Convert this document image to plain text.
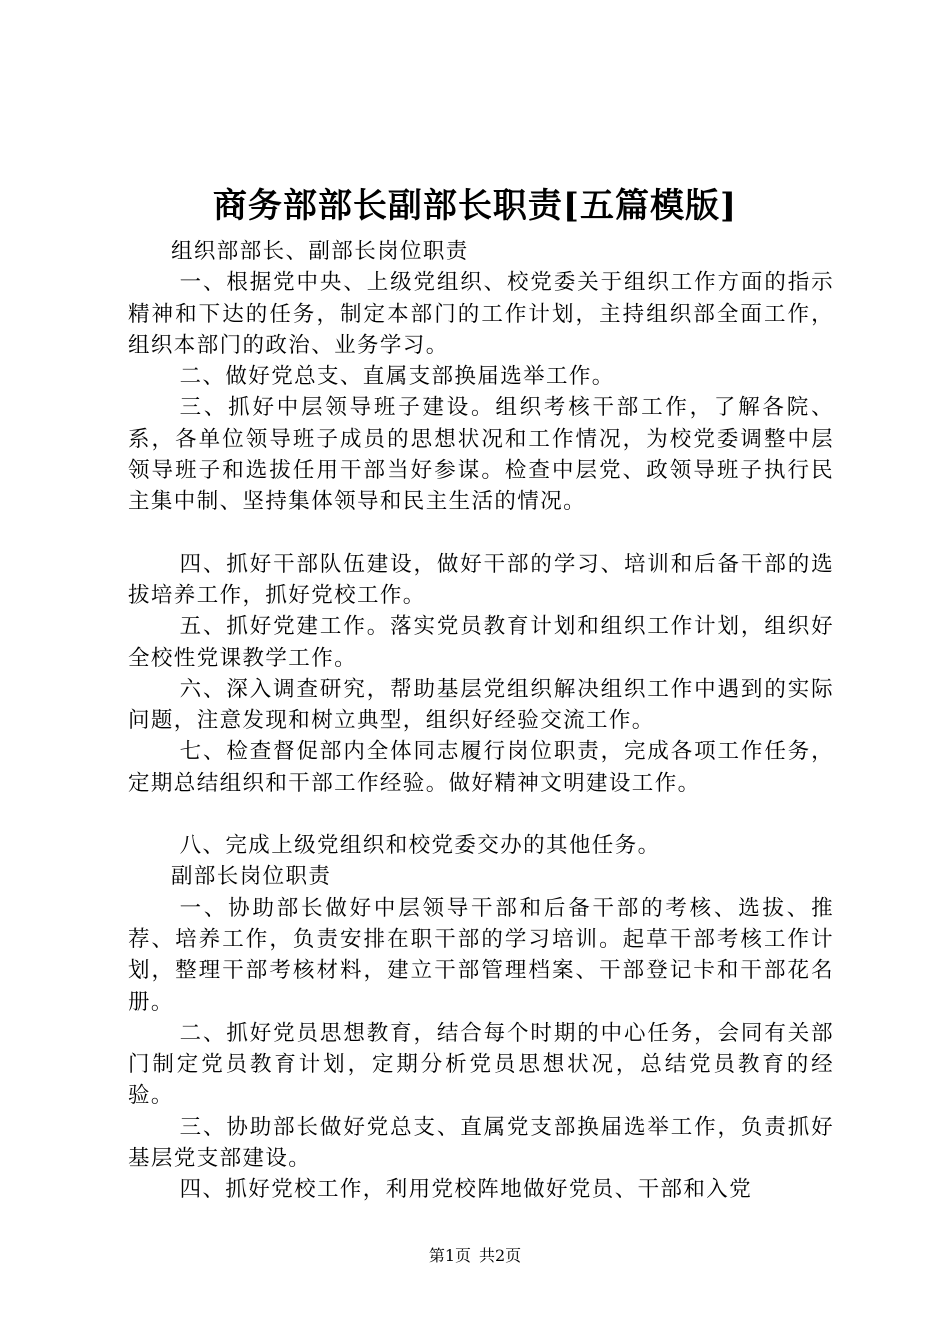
商务部部长副部长职责[五篇模版]

组织部部长、副部长岗位职责

一、根据党中央、上级党组织、校党委关于组织工作方面的指示精神和下达的任务，制定本部门的工作计划，主持组织部全面工作，组织本部门的政治、业务学习。

二、做好党总支、直属支部换届选举工作。

三、抓好中层领导班子建设。组织考核干部工作，了解各院、系，各单位领导班子成员的思想状况和工作情况，为校党委调整中层领导班子和选拔任用干部当好参谋。检查中层党、政领导班子执行民主集中制、坚持集体领导和民主生活的情况。

四、抓好干部队伍建设，做好干部的学习、培训和后备干部的选拔培养工作，抓好党校工作。

五、抓好党建工作。落实党员教育计划和组织工作计划，组织好全校性党课教学工作。

六、深入调查研究，帮助基层党组织解决组织工作中遇到的实际问题，注意发现和树立典型，组织好经验交流工作。

七、检查督促部内全体同志履行岗位职责，完成各项工作任务，定期总结组织和干部工作经验。做好精神文明建设工作。

八、完成上级党组织和校党委交办的其他任务。

副部长岗位职责

一、协助部长做好中层领导干部和后备干部的考核、选拔、推荐、培养工作，负责安排在职干部的学习培训。起草干部考核工作计划，整理干部考核材料，建立干部管理档案、干部登记卡和干部花名册。

二、抓好党员思想教育，结合每个时期的中心任务，会同有关部门制定党员教育计划，定期分析党员思想状况，总结党员教育的经验。

三、协助部长做好党总支、直属党支部换届选举工作，负责抓好基层党支部建设。

四、抓好党校工作，利用党校阵地做好党员、干部和入党

第1页 共2页
